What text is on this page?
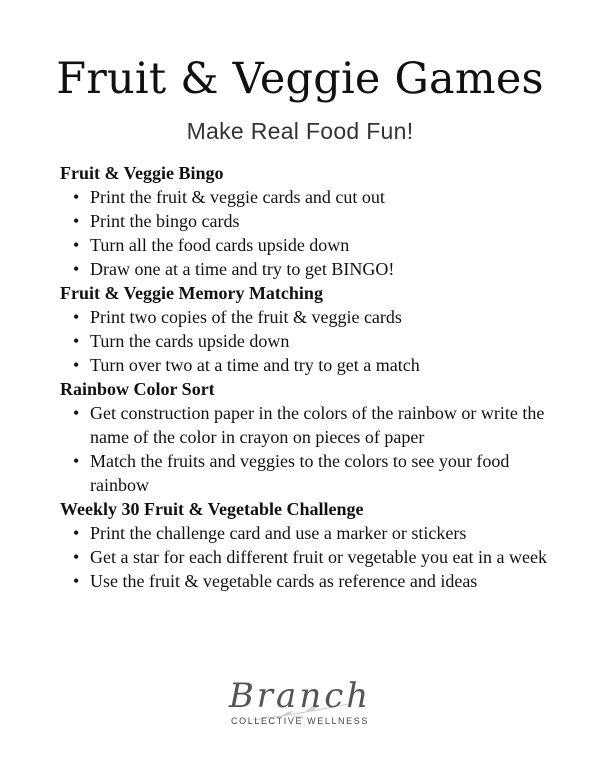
Fruit & Veggie Games
Make Real Food Fun!

Fruit & Veggie Bingo

• Print the fruit & veggie cards and cut out
• Print the bingo cards
• Turn all the food cards upside down
• Draw one at a time and try to get BINGO!

Fruit & Veggie Memory Matching

• Print two copies of the fruit & veggie cards
• Turn the cards upside down
• Turn over two at a time and try to get a match

Rainbow Color Sort

• Get construction paper in the colors of the rainbow or write the name of the color in crayon on pieces of paper
• Match the fruits and veggies to the colors to see your food rainbow

Weekly 30 Fruit & Vegetable Challenge

• Print the challenge card and use a marker or stickers
• Get a star for each different fruit or vegetable you eat in a week
• Use the fruit & vegetable cards as reference and ideas
Branch
COLLECTIVE WELLNESS
